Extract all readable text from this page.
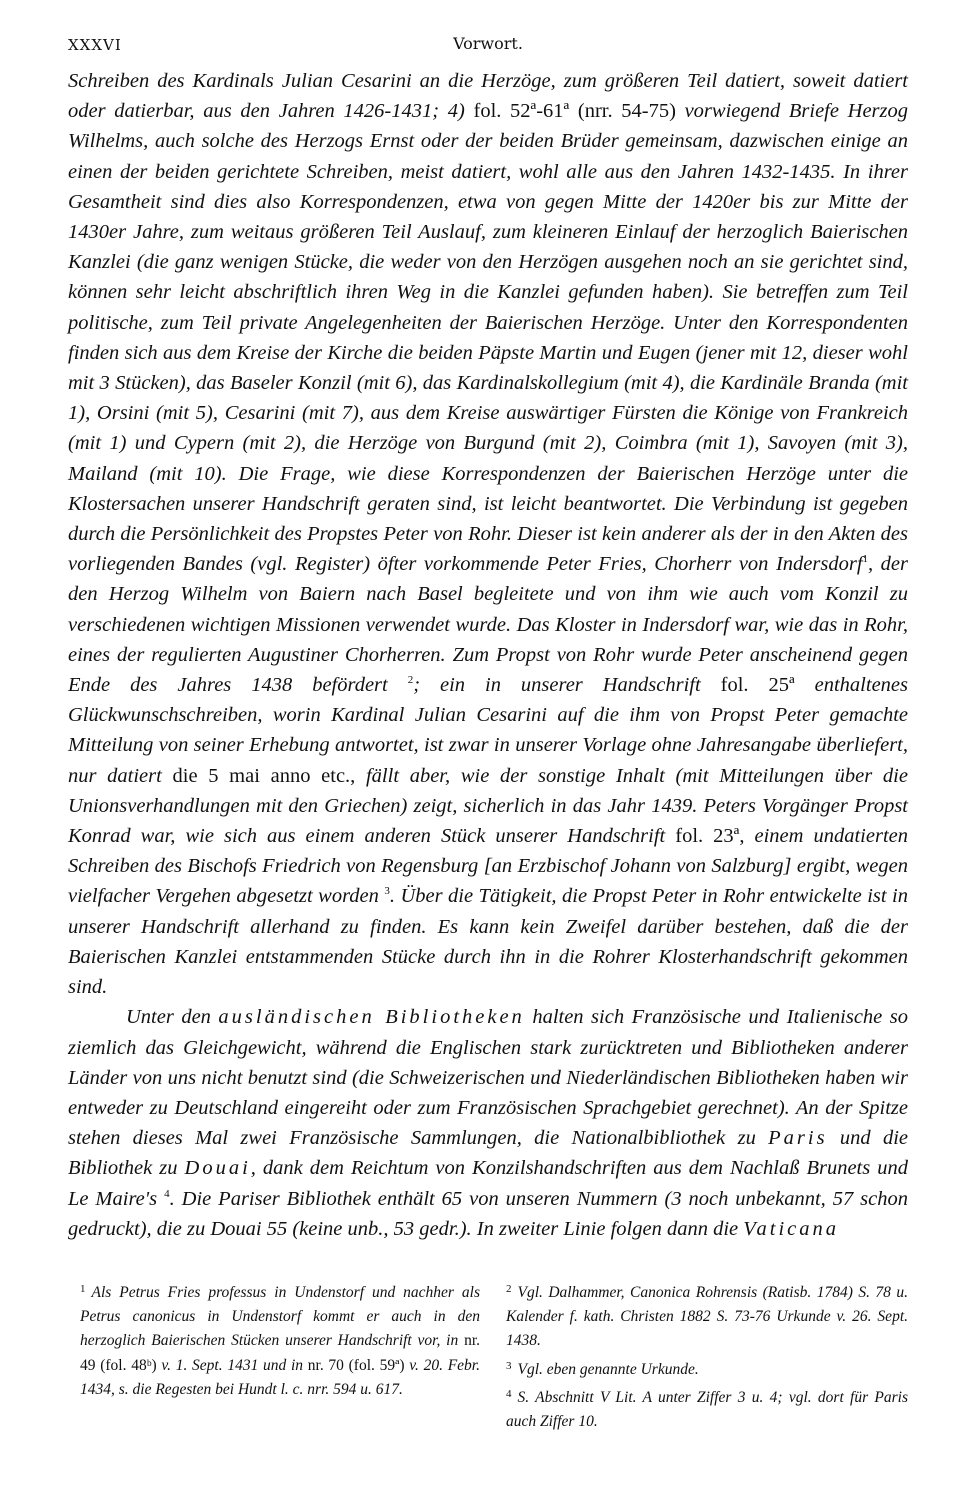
XXXVI	Vorwort.

Schreiben des Kardinals Julian Cesarini an die Herzöge, zum größeren Teil datiert, soweit datiert oder datierbar, aus den Jahren 1426-1431; 4) fol. 52ª-61ª (nrr. 54-75) vorwiegend Briefe Herzog Wilhelms, auch solche des Herzogs Ernst oder der beiden Brüder gemeinsam, dazwischen einige an einen der beiden gerichtete Schreiben, meist datiert, wohl alle aus den Jahren 1432-1435. In ihrer Gesamtheit sind dies also Korrespondenzen, etwa von gegen Mitte der 1420er bis zur Mitte der 1430er Jahre, zum weitaus größeren Teil Auslauf, zum kleineren Einlauf der herzoglich Baierischen Kanzlei (die ganz wenigen Stücke, die weder von den Herzögen ausgehen noch an sie gerichtet sind, können sehr leicht abschriftlich ihren Weg in die Kanzlei gefunden haben). Sie betreffen zum Teil politische, zum Teil private Angelegenheiten der Baierischen Herzöge. Unter den Korrespondenten finden sich aus dem Kreise der Kirche die beiden Päpste Martin und Eugen (jener mit 12, dieser wohl mit 3 Stücken), das Baseler Konzil (mit 6), das Kardinalskollegium (mit 4), die Kardinäle Branda (mit 1), Orsini (mit 5), Cesarini (mit 7), aus dem Kreise auswärtiger Fürsten die Könige von Frankreich (mit 1) und Cypern (mit 2), die Herzöge von Burgund (mit 2), Coimbra (mit 1), Savoyen (mit 3), Mailand (mit 10). Die Frage, wie diese Korrespondenzen der Baierischen Herzöge unter die Klostersachen unserer Handschrift geraten sind, ist leicht beantwortet. Die Verbindung ist gegeben durch die Persönlichkeit des Propstes Peter von Rohr. Dieser ist kein anderer als der in den Akten des vorliegenden Bandes (vgl. Register) öfter vorkommende Peter Fries, Chorherr von Indersdorf$^1$, der den Herzog Wilhelm von Baiern nach Basel begleitete und von ihm wie auch vom Konzil zu verschiedenen wichtigen Missionen verwendet wurde. Das Kloster in Indersdorf war, wie das in Rohr, eines der regulierten Augustiner Chorherren. Zum Propst von Rohr wurde Peter anscheinend gegen Ende des Jahres 1438 befördert $^2$; ein in unserer Handschrift fol. 25ª enthaltenes Glückwunschschreiben, worin Kardinal Julian Cesarini auf die ihm von Propst Peter gemachte Mitteilung von seiner Erhebung antwortet, ist zwar in unserer Vorlage ohne Jahresangabe überliefert, nur datiert die 5 mai anno etc., fällt aber, wie der sonstige Inhalt (mit Mitteilungen über die Unionsverhandlungen mit den Griechen) zeigt, sicherlich in das Jahr 1439. Peters Vorgänger Propst Konrad war, wie sich aus einem anderen Stück unserer Handschrift fol. 23ª, einem undatierten Schreiben des Bischofs Friedrich von Regensburg [an Erzbischof Johann von Salzburg] ergibt, wegen vielfacher Vergehen abgesetzt worden $^3$. Über die Tätigkeit, die Propst Peter in Rohr entwickelte ist in unserer Handschrift allerhand zu finden. Es kann kein Zweifel darüber bestehen, daß die der Baierischen Kanzlei entstammenden Stücke durch ihn in die Rohrer Klosterhandschrift gekommen sind.

Unter den ausländischen Bibliotheken halten sich Französische und Italienische so ziemlich das Gleichgewicht, während die Englischen stark zurücktreten und Bibliotheken anderer Länder von uns nicht benutzt sind (die Schweizerischen und Niederländischen Bibliotheken haben wir entweder zu Deutschland eingereiht oder zum Französischen Sprachgebiet gerechnet). An der Spitze stehen dieses Mal zwei Französische Sammlungen, die Nationalbibliothek zu Paris und die Bibliothek zu Douai, dank dem Reichtum von Konzilshandschriften aus dem Nachlaß Brunets und Le Maire's $^4$. Die Pariser Bibliothek enthält 65 von unseren Nummern (3 noch unbekannt, 57 schon gedruckt), die zu Douai 55 (keine unb., 53 gedr.). In zweiter Linie folgen dann die Vaticana

$^1$ Als Petrus Fries professus in Undenstorf und nachher als Petrus canonicus in Undenstorf kommt er auch in den herzoglich Baierischen Stücken unserer Handschrift vor, in nr. 49 (fol. 48ᵇ) v. 1. Sept. 1431 und in nr. 70 (fol. 59ª) v. 20. Febr. 1434, s. die Regesten bei Hundt l. c. nrr. 594 u. 617.

$^2$ Vgl. Dalhammer, Canonica Rohrensis (Ratisb. 1784) S. 78 u. Kalender f. kath. Christen 1882 S. 73-76 Urkunde v. 26. Sept. 1438.

$^3$ Vgl. eben genannte Urkunde.

$^4$ S. Abschnitt V Lit. A unter Ziffer 3 u. 4; vgl. dort für Paris auch Ziffer 10.
